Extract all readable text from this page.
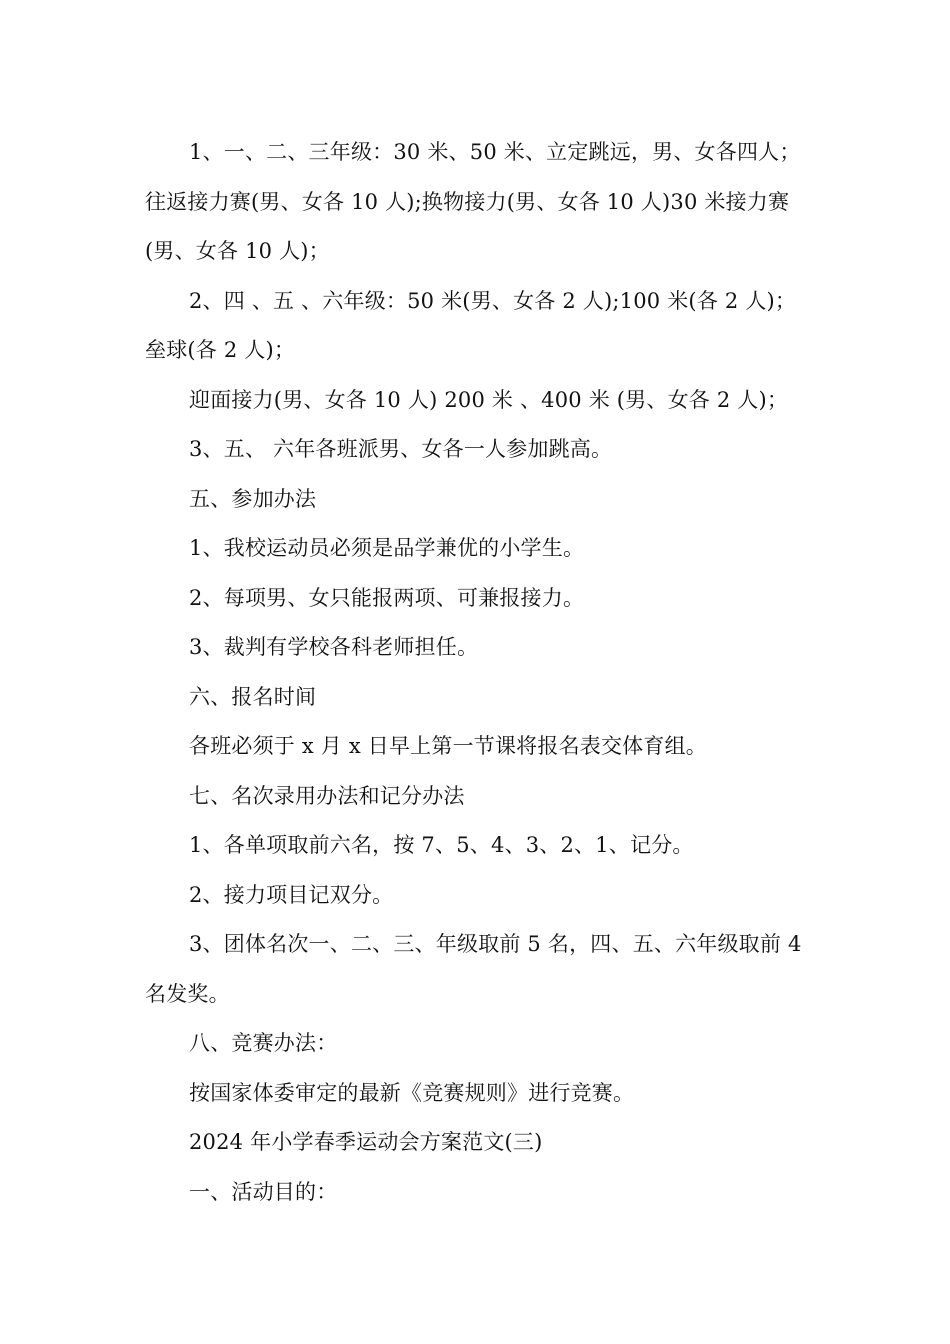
1、一、二、三年级：30 米、50 米、立定跳远，男、女各四人；往返接力赛(男、女各 10 人);换物接力(男、女各 10 人)30 米接力赛(男、女各 10 人)；

2、四 、五 、六年级：50 米(男、女各 2 人);100 米(各 2 人)；垒球(各 2 人)；

迎面接力(男、女各 10 人) 200 米 、400 米 (男、女各 2 人)；

3、五、 六年各班派男、女各一人参加跳高。

五、参加办法

1、我校运动员必须是品学兼优的小学生。

2、每项男、女只能报两项、可兼报接力。

3、裁判有学校各科老师担任。

六、报名时间

各班必须于 x 月 x 日早上第一节课将报名表交体育组。

七、名次录用办法和记分办法

1、各单项取前六名，按 7、5、4、3、2、1、记分。

2、接力项目记双分。

3、团体名次一、二、三、年级取前 5 名，四、五、六年级取前 4 名发奖。

八、竞赛办法：

按国家体委审定的最新《竞赛规则》进行竞赛。

2024 年小学春季运动会方案范文(三)

一、活动目的：
